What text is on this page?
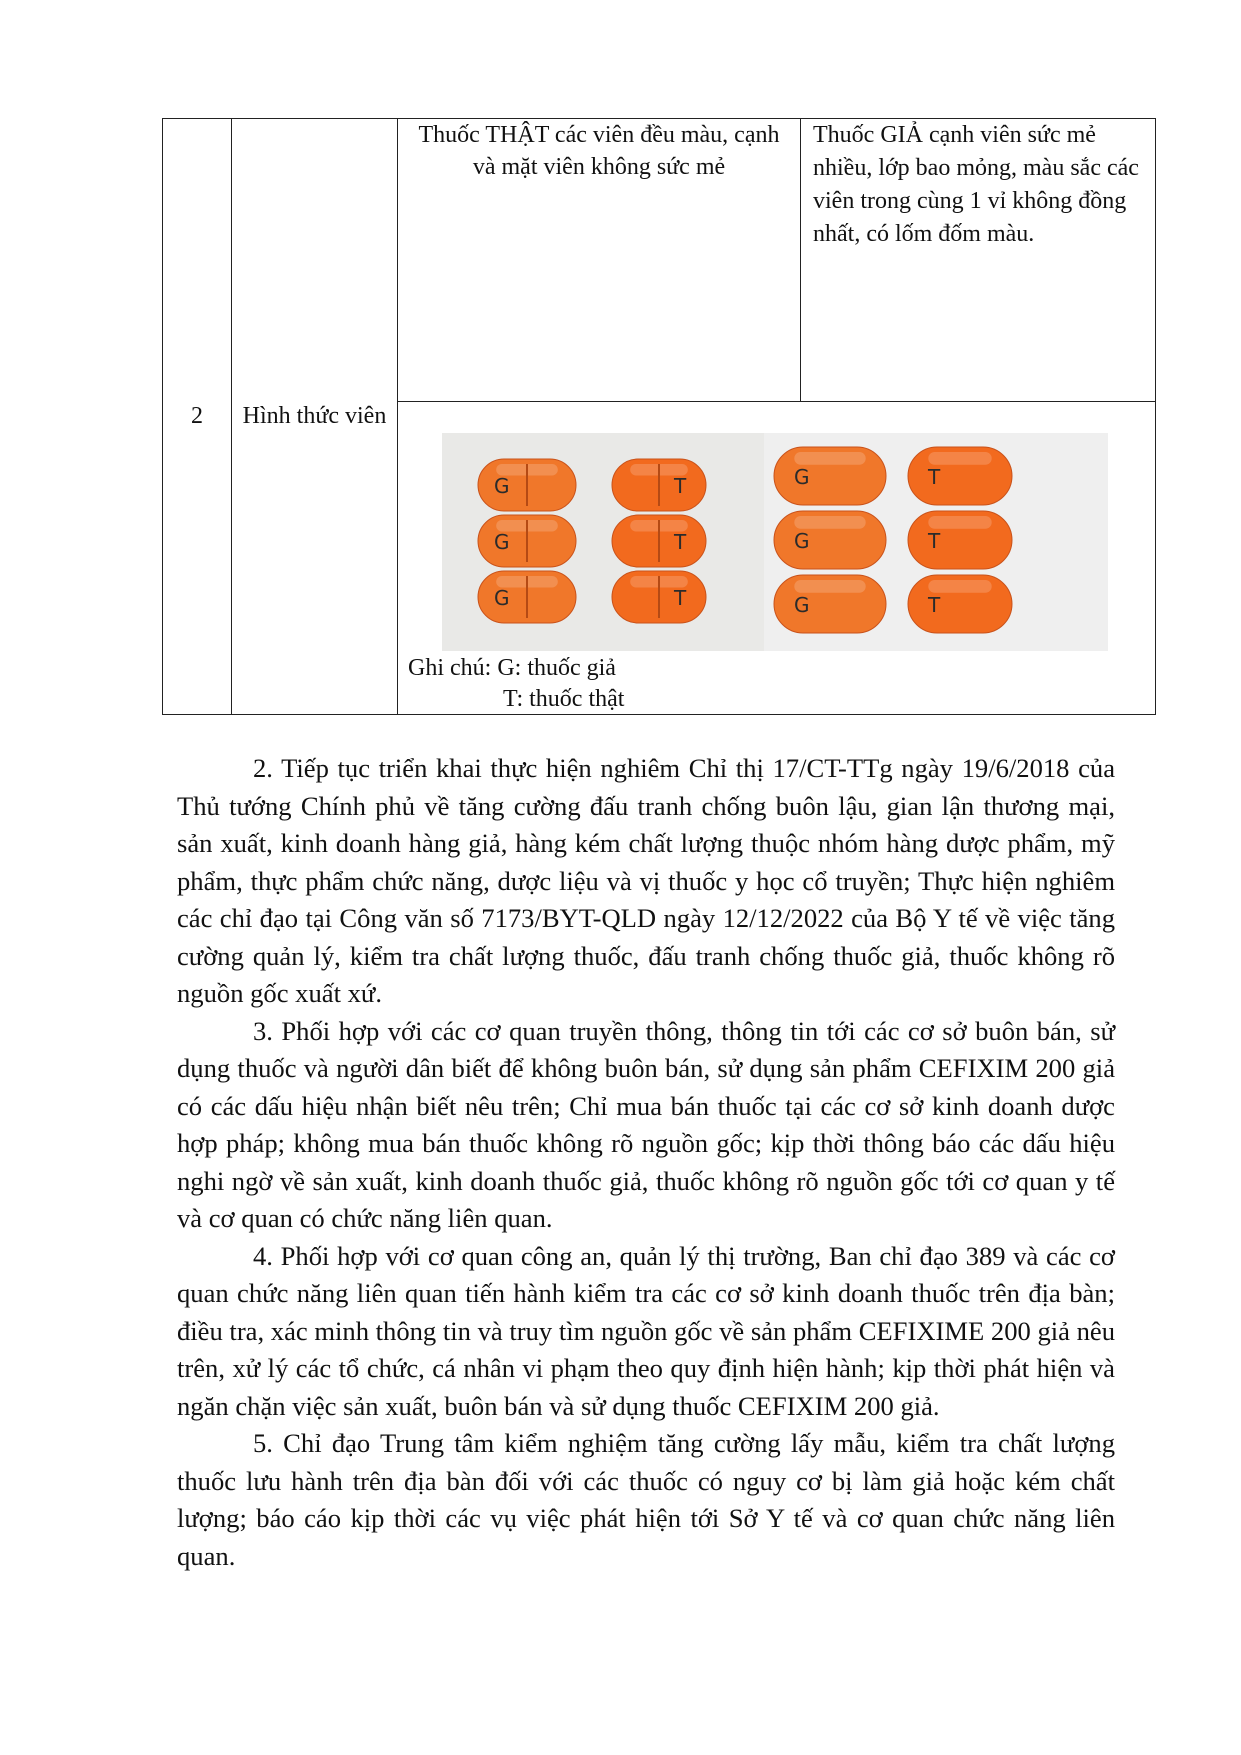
2	Hình thức viên	Thuốc THẬT các viên đều màu, cạnh và mặt viên không sức mẻ	Thuốc GIẢ cạnh viên sức mẻ nhiều, lớp bao mỏng, màu sắc các viên trong cùng 1 vỉ không đồng nhất, có lốm đốm màu.

G
G
G
T
T
T
G
G
G
T
T
T
Ghi chú: G: thuốc giả
T: thuốc thật

2. Tiếp tục triển khai thực hiện nghiêm Chỉ thị 17/CT-TTg ngày 19/6/2018 của Thủ tướng Chính phủ về tăng cường đấu tranh chống buôn lậu, gian lận thương mại, sản xuất, kinh doanh hàng giả, hàng kém chất lượng thuộc nhóm hàng dược phẩm, mỹ phẩm, thực phẩm chức năng, dược liệu và vị thuốc y học cổ truyền; Thực hiện nghiêm các chỉ đạo tại Công văn số 7173/BYT-QLD ngày 12/12/2022 của Bộ Y tế về việc tăng cường quản lý, kiểm tra chất lượng thuốc, đấu tranh chống thuốc giả, thuốc không rõ nguồn gốc xuất xứ.

3. Phối hợp với các cơ quan truyền thông, thông tin tới các cơ sở buôn bán, sử dụng thuốc và người dân biết để không buôn bán, sử dụng sản phẩm CEFIXIM 200 giả có các dấu hiệu nhận biết nêu trên; Chỉ mua bán thuốc tại các cơ sở kinh doanh dược hợp pháp; không mua bán thuốc không rõ nguồn gốc; kịp thời thông báo các dấu hiệu nghi ngờ về sản xuất, kinh doanh thuốc giả, thuốc không rõ nguồn gốc tới cơ quan y tế và cơ quan có chức năng liên quan.

4. Phối hợp với cơ quan công an, quản lý thị trường, Ban chỉ đạo 389 và các cơ quan chức năng liên quan tiến hành kiểm tra các cơ sở kinh doanh thuốc trên địa bàn; điều tra, xác minh thông tin và truy tìm nguồn gốc về sản phẩm CEFIXIME 200 giả nêu trên, xử lý các tổ chức, cá nhân vi phạm theo quy định hiện hành; kịp thời phát hiện và ngăn chặn việc sản xuất, buôn bán và sử dụng thuốc CEFIXIM 200 giả.

5. Chỉ đạo Trung tâm kiểm nghiệm tăng cường lấy mẫu, kiểm tra chất lượng thuốc lưu hành trên địa bàn đối với các thuốc có nguy cơ bị làm giả hoặc kém chất lượng; báo cáo kịp thời các vụ việc phát hiện tới Sở Y tế và cơ quan chức năng liên quan.
